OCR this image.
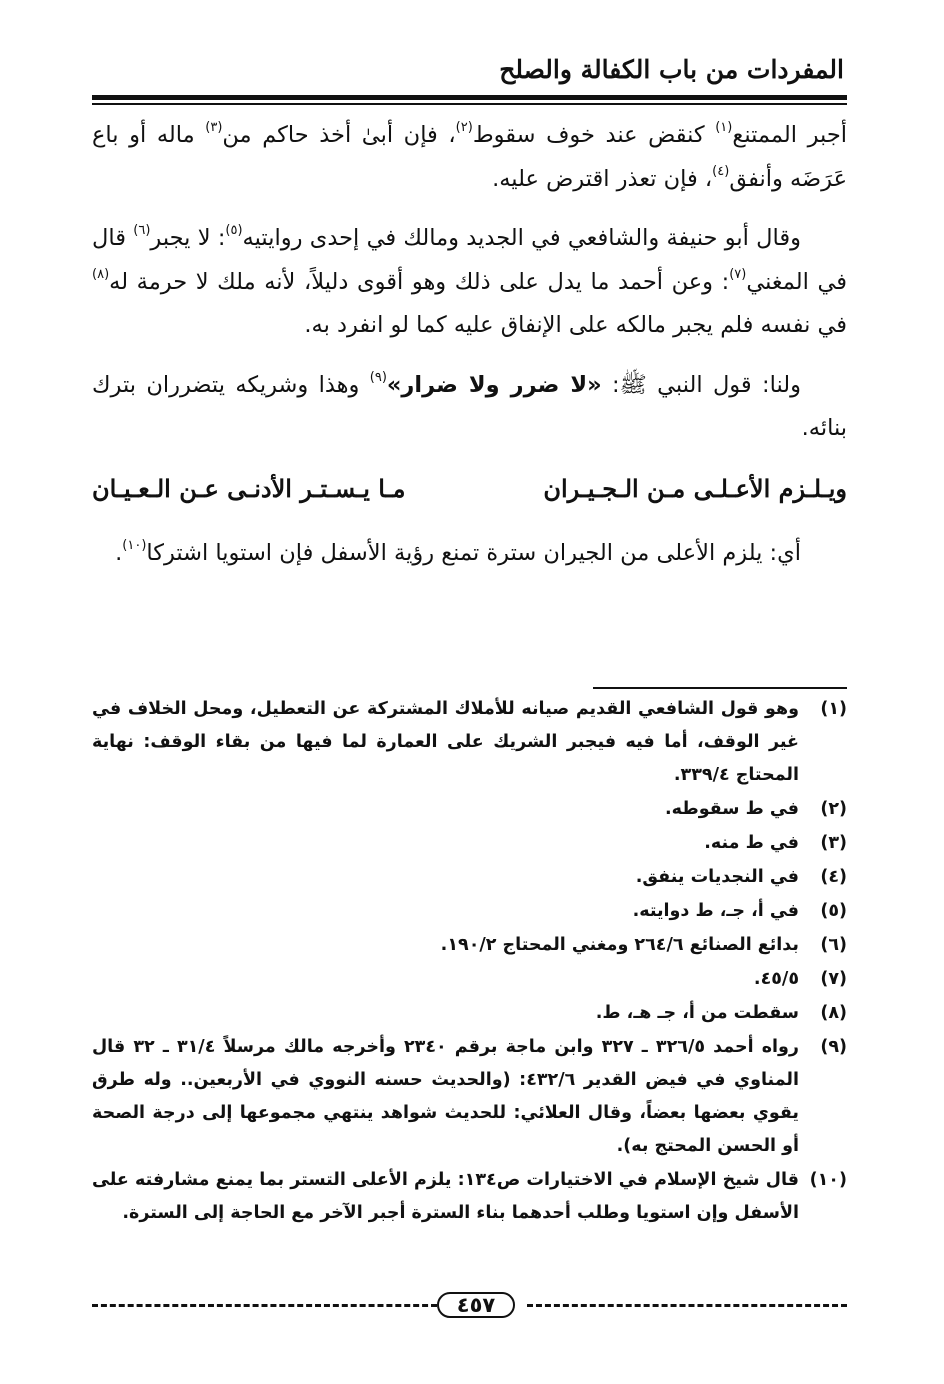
المفردات من باب الكفالة والصلح

أجبر الممتنع$^{(١)}$ كنقض عند خوف سقوط$^{(٢)}$، فإن أبىٰ أخذ حاكم من$^{(٣)}$ ماله أو باع عَرَضَه وأنفق$^{(٤)}$، فإن تعذر اقترض عليه.

وقال أبو حنيفة والشافعي في الجديد ومالك في إحدى روايتيه$^{(٥)}$: لا يجبر$^{(٦)}$ قال في المغني$^{(٧)}$: وعن أحمد ما يدل على ذلك وهو أقوى دليلاً، لأنه ملك لا حرمة له$^{(٨)}$ في نفسه فلم يجبر مالكه على الإنفاق عليه كما لو انفرد به.

ولنا: قول النبي ﷺ: «لا ضرر ولا ضرار»$^{(٩)}$ وهذا وشريكه يتضرران بترك بنائه.

ويـلـزم الأعـلـى مـن الـجـيـران
مـا يـسـتـر الأدنـى عـن الـعـيـان

أي: يلزم الأعلى من الجيران سترة تمنع رؤية الأسفل فإن استويا اشتركا$^{(١٠)}$.

(١)
وهو قول الشافعي القديم صيانه للأملاك المشتركة عن التعطيل، ومحل الخلاف في غير الوقف، أما فيه فيجبر الشريك على العمارة لما فيها من بقاء الوقف: نهاية المحتاج ٣٣٩/٤.
(٢)
في ط سقوطه.
(٣)
في ط منه.
(٤)
في النجديات ينفق.
(٥)
في أ، جـ، ط دوايته.
(٦)
بدائع الصنائع ٢٦٤/٦ ومغني المحتاج ١٩٠/٢.
(٧)
٤٥/٥.
(٨)
سقطت من أ، جـ هـ، ط.
(٩)
رواه أحمد ٣٢٦/٥ ـ ٣٢٧ وابن ماجة برقم ٢٣٤٠ وأخرجه مالك مرسلاً ٣١/٤ ـ ٣٢ قال المناوي في فيض القدير ٤٣٢/٦: (والحديث حسنه النووي في الأربعين.. وله طرق يقوي بعضها بعضاً، وقال العلائي: للحديث شواهد ينتهي مجموعها إلى درجة الصحة أو الحسن المحتج به).
(١٠)
قال شيخ الإسلام في الاختيارات ص١٣٤: يلزم الأعلى التستر بما يمنع مشارفته على الأسفل وإن استويا وطلب أحدهما بناء السترة أجبر الآخر مع الحاجة إلى السترة.
٤٥٧
